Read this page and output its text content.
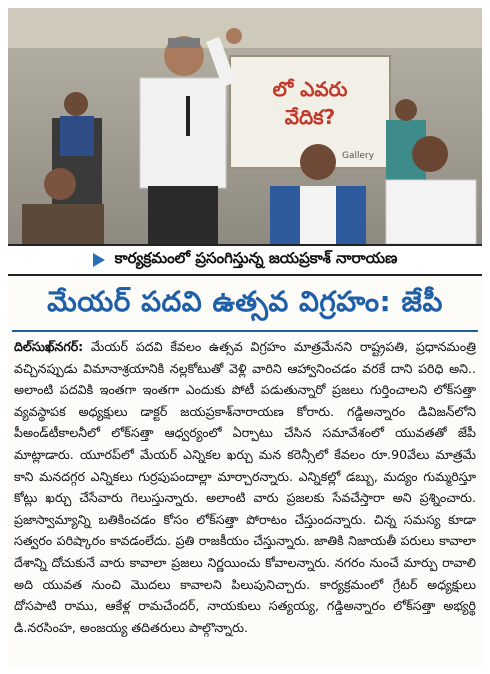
లో ఎవరు
వేదిక?
Gallery
కార్యక్రమంలో ప్రసంగిస్తున్న జయప్రకాశ్ నారాయణ
మేయర్ పదవి ఉత్సవ విగ్రహం: జేపీ
దిల్‌సుఖ్‌నగర్: మేయర్ పదవి కేవలం ఉత్సవ విగ్రహం మాత్రమేనని రాష్ట్రపతి, ప్రధానమంత్రి వచ్చినప్పుడు విమానాశ్రయానికి నల్లకోటుతో వెళ్లి వారిని ఆహ్వానించడం వరకే దాని పరిధి అని.. అలాంటి పదవికి ఇంతగా ఇంతగా ఎందుకు పోటీ పడుతున్నారో ప్రజలు గుర్తించాలని లోక్‌సత్తా వ్యవస్థాపక అధ్యక్షులు డాక్టర్ జయప్రకాశ్‌నారాయణ కోరారు. గడ్డిఅన్నారం డివిజన్‌లోని పీఅండ్‌టీకాలనీలో లోక్‌సత్తా ఆధ్వర్యంలో ఏర్పాటు చేసిన సమావేశంలో యువతతో జేపీ మాట్లాడారు. యూరప్‌లో మేయర్ ఎన్నికల ఖర్చు మన కరెన్సీలో కేవలం రూ.90వేలు మాత్రమే కాని మనదగ్గర ఎన్నికలు గుర్రపుపందాల్లా మార్చారన్నారు. ఎన్నికల్లో డబ్బు, మద్యం గుమ్మరిస్తూ కోట్లు ఖర్చు చేసేవారు గెలుస్తున్నారు. అలాంటి వారు ప్రజలకు సేవచేస్తారా అని ప్రశ్నించారు. ప్రజాస్వామ్యాన్ని బతికించడం కోసం లోక్‌సత్తా పోరాటం చేస్తుందన్నారు. చిన్న సమస్య కూడా సత్వరం పరిష్కారం కావడంలేదు. ప్రతి రాజకీయం చేస్తున్నారు. జాతికి నిజాయతీ పరులు కావాలా దేశాన్ని దోచుకునే వారు కావాలా ప్రజలు నిర్ణయించు కోవాలన్నారు. నగరం నుంచే మార్పు రావాలి అది యువత నుంచి మొదలు కావాలని పిలుపునిచ్చారు. కార్యక్రమంలో గ్రేటర్ అధ్యక్షులు దోసపాటి రాము, ఆకేళ్ల రామచేందర్, నాయకులు సత్యయ్య, గడ్డిఅన్నారం లోక్‌సత్తా అభ్యర్థి డి.నరసింహ, అంజయ్య తదితరులు పాల్గొన్నారు.
